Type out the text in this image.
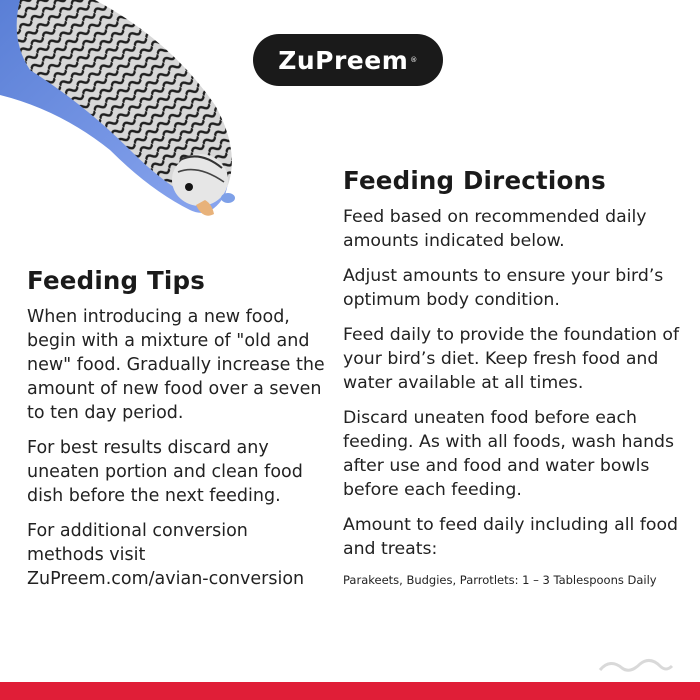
ZuPreem ®
Feeding Tips

When introducing a new food, begin with a mixture of "old and new" food. Gradually increase the amount of new food over a seven to ten day period.

For best results discard any uneaten portion and clean food dish before the next feeding.

For additional conversion methods visit ZuPreem.com/avian-conversion

Feeding Directions

Feed based on recommended daily amounts indicated below.

Adjust amounts to ensure your bird’s optimum body condition.

Feed daily to provide the foundation of your bird’s diet. Keep fresh food and water available at all times.

Discard uneaten food before each feeding. As with all foods, wash hands after use and food and water bowls before each feeding.

Amount to feed daily including all food and treats:

Parakeets, Budgies, Parrotlets: 1 – 3 Tablespoons Daily
